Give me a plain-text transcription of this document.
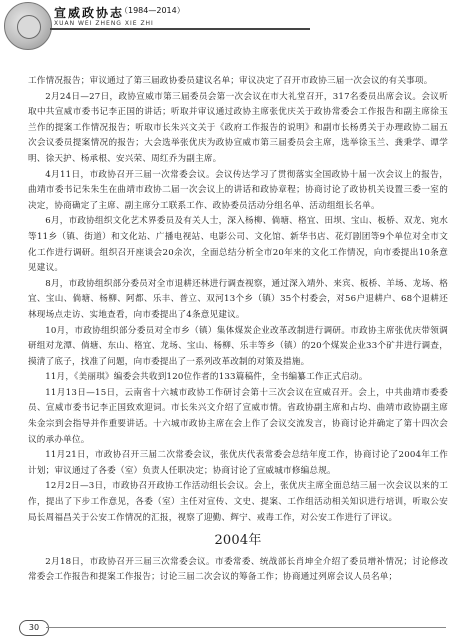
宣威政协志
（1984—2014）
XUAN WEI ZHENG XIE ZHI

工作情况报告；审议通过了第三届政协委员建议名单；审议决定了召开市政协三届一次会议的有关事项。

2月24日—27日，政协宣威市第三届委员会第一次会议在市大礼堂召开，317名委员出席会议。会议听取中共宣威市委书记李正国的讲话；听取并审议通过政协主席张优庆关于政协常委会工作报告和副主席徐玉兰作的提案工作情况报告；听取市长朱兴文关于《政府工作报告的说明》和副市长杨勇关于办理政协二届五次会议委员提案情况的报告；大会选举张优庆为政协宣威市第三届委员会主席，选举徐玉兰、龚秉学、谭学明、徐天护、杨承根、安兴荣、周红乔为副主席。

4月11日，市政协召开三届一次常委会议。会议传达学习了贯彻落实全国政协十届一次会议上的报告，曲靖市委书记朱朱生在曲靖市政协二届一次会议上的讲话和政协章程；协商讨论了政协机关设置三委一室的决定，协商确定了主席、副主席分工联系工作、政协委员活动分组名单、活动组组长名单。

6月，市政协组织文化艺术界委员及有关人士，深入杨柳、倘塘、格宜、田坝、宝山、板桥、双龙、宛水等11乡（镇、街道）和文化站、广播电视站、电影公司、文化馆、新华书店、花灯剧团等9个单位对全市文化工作进行调研。组织召开座谈会20余次，全面总结分析全市20年来的文化工作情况，向市委提出10条意见建议。

8月，市政协组织部分委员对全市退耕还林进行调查视察，通过深入靖外、来宾、板桥、羊场、龙场、格宜、宝山、倘塘、杨柳、阿都、乐丰、普立、双河13个乡（镇）35个村委会，对56户退耕户、68个退耕还林现场点走访、实地查看，向市委提出了4条意见建议。

10月，市政协组织部分委员对全市乡（镇）集体煤炭企业改革改制进行调研。市政协主席张优庆带领调研组对龙潭、倘塘、东山、格宜、龙场、宝山、杨柳、乐丰等乡（镇）的20个煤炭企业33个矿井进行调查，摸清了底子，找准了问题，向市委提出了一系列改革改制的对策及措施。

11月，《美丽琪》编委会共收到120位作者的133篇稿件，全书编纂工作正式启动。

11月13日—15日，云南省十六城市政协工作研讨会第十三次会议在宣威召开。会上，中共曲靖市委委员、宣威市委书记李正国致欢迎词。市长朱兴文介绍了宣威市情。省政协副主席和占均、曲靖市政协副主席朱金宗到会指导并作重要讲话。十六城市政协主席在会上作了会议交流发言，协商讨论并确定了第十四次会议的承办单位。

11月21日，市政协召开三届二次常委会议，张优庆代表常委会总结年度工作，协商讨论了2004年工作计划；审议通过了各委（室）负责人任职决定；协商讨论了宣威城市修编总规。

12月2日—3日，市政协召开政协工作活动组长会议。会上，张优庆主席全面总结三届一次会议以来的工作，提出了下步工作意见，各委（室）主任对宣传、文史、提案、工作组活动相关知识进行培训，听取公安局长周福昌关于公安工作情况的汇报，视察了迎勤、辉宁、戒毒工作，对公安工作进行了评议。

2004年

2月18日，市政协召开三届三次常委会议。市委常委、统战部长肖坤全介绍了委员增补情况；讨论修改常委会工作报告和提案工作报告；讨论三届二次会议的筹备工作；协商通过列席会议人员名单；

30
